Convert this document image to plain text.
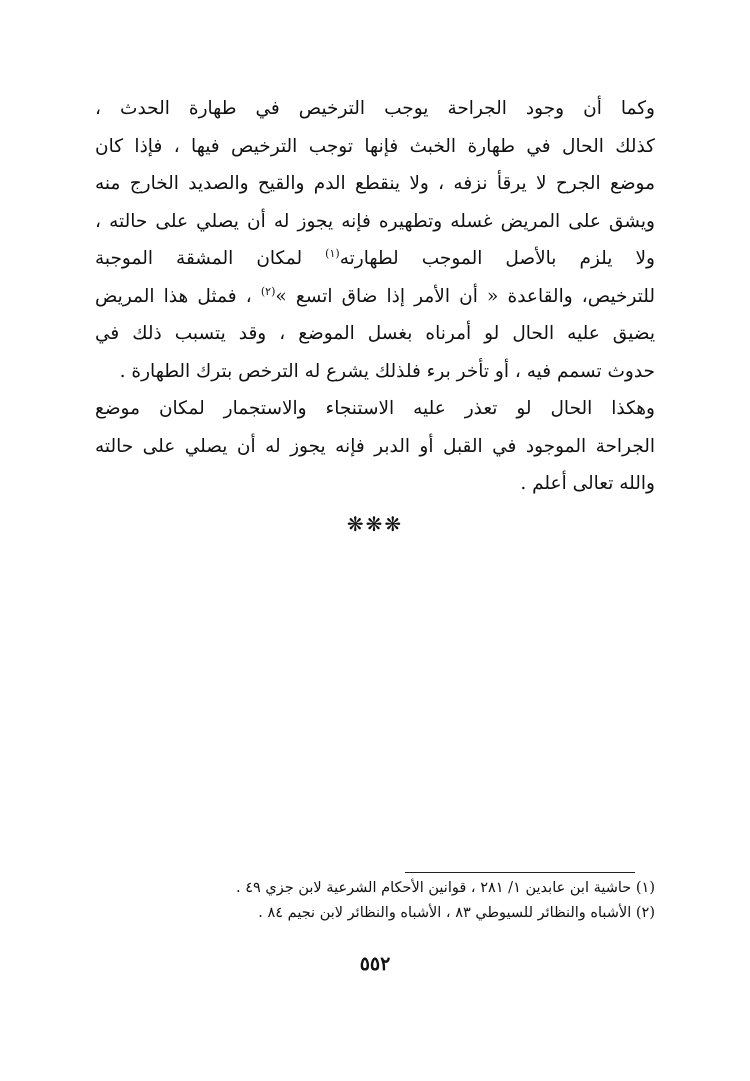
وكما أن وجود الجراحة يوجب الترخيص في طهارة الحدث ،
كذلك الحال في طهارة الخبث فإنها توجب الترخيص فيها ، فإذا كان
موضع الجرح لا يرقأ نزفه ، ولا ينقطع الدم والقيح والصديد الخارج منه
ويشق على المريض غسله وتطهيره فإنه يجوز له أن يصلي على حالته ،
ولا يلزم بالأصل الموجب لطهارته$^{(١)}$ لمكان المشقة الموجبة
للترخيص، والقاعدة « أن الأمر إذا ضاق اتسع »$^{(٢)}$ ، فمثل هذا المريض
يضيق عليه الحال لو أمرناه بغسل الموضع ، وقد يتسبب ذلك في
حدوث تسمم فيه ، أو تأخر برء فلذلك يشرع له الترخص بترك الطهارة .
وهكذا الحال لو تعذر عليه الاستنجاء والاستجمار لمكان موضع
الجراحة الموجود في القبل أو الدبر فإنه يجوز له أن يصلي على حالته
والله تعالى أعلم .
❋❋❋
(١) حاشية ابن عابدين ١/ ٢٨١ ، قوانين الأحكام الشرعية لابن جزي ٤٩ .
(٢) الأشباه والنظائر للسيوطي ٨٣ ، الأشباه والنظائر لابن نجيم ٨٤ .
٥٥٢
